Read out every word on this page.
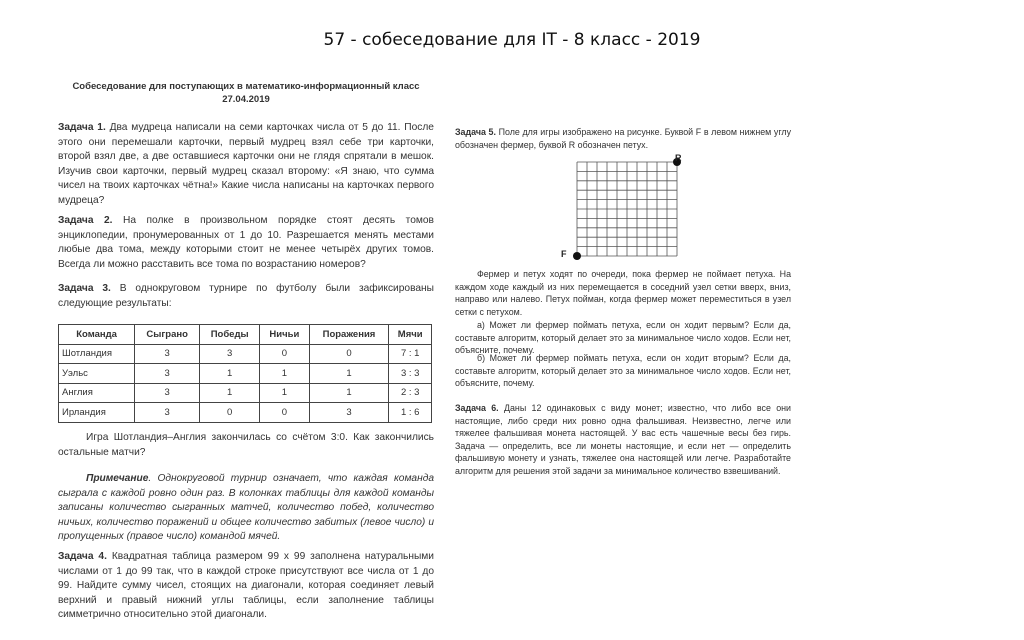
57 - собеседование для IT - 8 класс - 2019
Собеседование для поступающих в математико-информационный класс
27.04.2019

Задача 1. Два мудреца написали на семи карточках числа от 5 до 11. После этого они перемешали карточки, первый мудрец взял себе три карточки, второй взял две, а две оставшиеся карточки они не глядя спрятали в мешок. Изучив свои карточки, первый мудрец сказал второму: «Я знаю, что сумма чисел на твоих карточках чётна!» Какие числа написаны на карточках первого мудреца?

Задача 2. На полке в произвольном порядке стоят десять томов энциклопедии, пронумерованных от 1 до 10. Разрешается менять местами любые два тома, между которыми стоит не менее четырёх других томов. Всегда ли можно расставить все тома по возрастанию номеров?

Задача 3. В однокруговом турнире по футболу были зафиксированы следующие результаты:

Команда	Сыграно	Победы	Ничьи	Поражения	Мячи
Шотландия	3	3	0	0	7 : 1
Уэльс	3	1	1	1	3 : 3
Англия	3	1	1	1	2 : 3
Ирландия	3	0	0	3	1 : 6

Игра Шотландия–Англия закончилась со счётом 3:0. Как закончились остальные матчи?

Примечание. Однокруговой турнир означает, что каждая команда сыграла с каждой ровно один раз. В колонках таблицы для каждой команды записаны количество сыгранных матчей, количество побед, количество ничьих, количество поражений и общее количество забитых (левое число) и пропущенных (правое число) командой мячей.

Задача 4. Квадратная таблица размером 99 x 99 заполнена натуральными числами от 1 до 99 так, что в каждой строке присутствуют все числа от 1 до 99. Найдите сумму чисел, стоящих на диагонали, которая соединяет левый верхний и правый нижний углы таблицы, если заполнение таблицы симметрично относительно этой диагонали.

Задача 5. Поле для игры изображено на рисунке. Буквой F в левом нижнем углу обозначен фермер, буквой R обозначен петух.

R
F

Фермер и петух ходят по очереди, пока фермер не поймает петуха. На каждом ходе каждый из них перемещается в соседний узел сетки вверх, вниз, направо или налево. Петух пойман, когда фермер может переместиться в узел сетки с петухом.

а) Может ли фермер поймать петуха, если он ходит первым? Если да, составьте алгоритм, который делает это за минимальное число ходов. Если нет, объясните, почему.

б) Может ли фермер поймать петуха, если он ходит вторым? Если да, составьте алгоритм, который делает это за минимальное число ходов. Если нет, объясните, почему.

Задача 6. Даны 12 одинаковых с виду монет; известно, что либо все они настоящие, либо среди них ровно одна фальшивая. Неизвестно, легче или тяжелее фальшивая монета настоящей. У вас есть чашечные весы без гирь. Задача — определить, все ли монеты настоящие, и если нет — определить фальшивую монету и узнать, тяжелее она настоящей или легче. Разработайте алгоритм для решения этой задачи за минимальное количество взвешиваний.
